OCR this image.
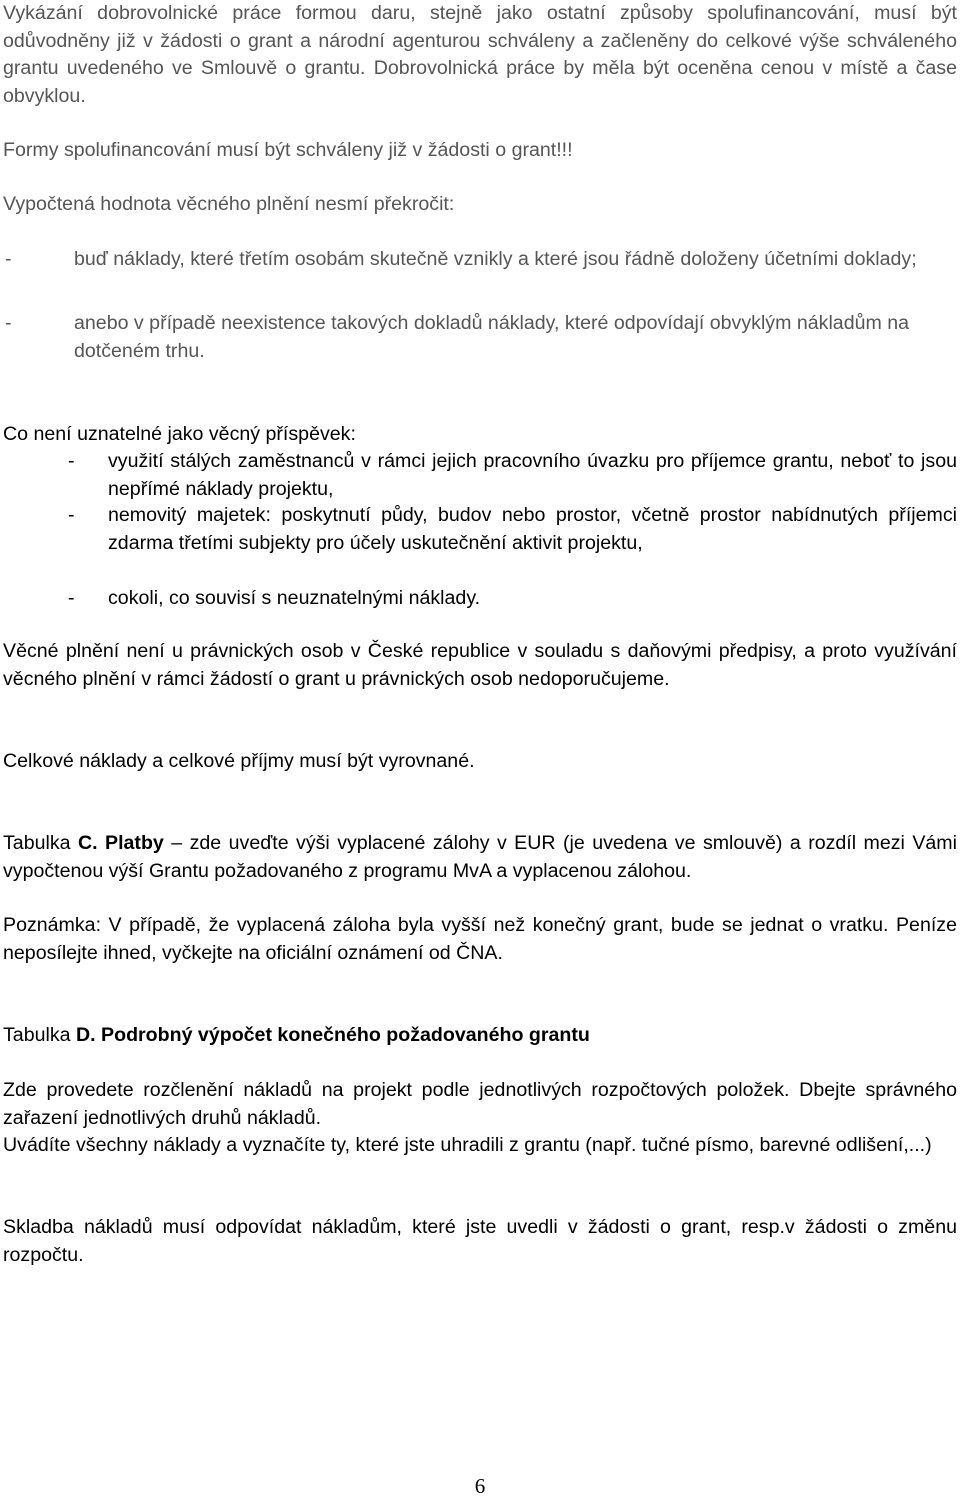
Vykázání dobrovolnické práce formou daru, stejně jako ostatní způsoby spolufinancování, musí být odůvodněny již v žádosti o grant a národní agenturou schváleny a začleněny do celkové výše schváleného grantu uvedeného ve Smlouvě o grantu. Dobrovolnická práce by měla být oceněna cenou v místě a čase obvyklou.

Formy spolufinancování musí být schváleny již v žádosti o grant!!!

Vypočtená hodnota věcného plnění nesmí překročit:

-	buď náklady, které třetím osobám skutečně vznikly a které jsou řádně doloženy účetními doklady;

-	anebo v případě neexistence takových dokladů náklady, které odpovídají obvyklým nákladům na dotčeném trhu.

Co není uznatelné jako věcný příspěvek:

- využití stálých zaměstnanců v rámci jejich pracovního úvazku pro příjemce grantu, neboť to jsou nepřímé náklady projektu,

- nemovitý majetek: poskytnutí půdy, budov nebo prostor, včetně prostor nabídnutých příjemci zdarma třetími subjekty pro účely uskutečnění aktivit projektu,

- cokoli, co souvisí s neuznatelnými náklady.

Věcné plnění není u právnických osob v České republice v souladu s daňovými předpisy, a proto využívání věcného plnění v rámci žádostí o grant u právnických osob nedoporučujeme.

Celkové náklady a celkové příjmy musí být vyrovnané.

Tabulka C. Platby – zde uveďte výši vyplacené zálohy v EUR (je uvedena ve smlouvě) a rozdíl mezi Vámi vypočtenou výší Grantu požadovaného z programu MvA a vyplacenou zálohou.

Poznámka: V případě, že vyplacená záloha byla vyšší než konečný grant, bude se jednat o vratku. Peníze neposílejte ihned, vyčkejte na oficiální oznámení od ČNA.

Tabulka D. Podrobný výpočet konečného požadovaného grantu

Zde provedete rozčlenění nákladů na projekt podle jednotlivých rozpočtových položek. Dbejte správného zařazení jednotlivých druhů nákladů.

Uvádíte všechny náklady a vyznačíte ty, které jste uhradili z grantu (např. tučné písmo, barevné odlišení,...)

Skladba nákladů musí odpovídat nákladům, které jste uvedli v žádosti o grant, resp.v žádosti o změnu rozpočtu.

6
